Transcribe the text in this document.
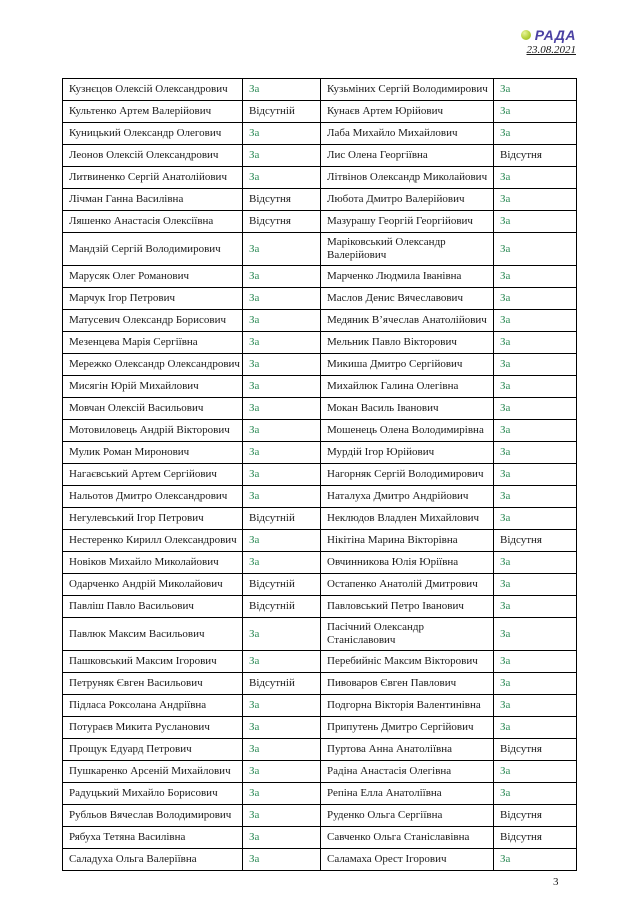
РАДА
23.08.2021
Кузнєцов Олексій Олександрович	За	Кузьміних Сергій Володимирович	За
Культенко Артем Валерійович	Відсутній	Кунаєв Артем Юрійович	За
Куницький Олександр Олегович	За	Лаба Михайло Михайлович	За
Леонов Олексій Олександрович	За	Лис Олена Георгіївна	Відсутня
Литвиненко Сергій Анатолійович	За	Літвінов Олександр Миколайович	За
Лічман Ганна Василівна	Відсутня	Любота Дмитро Валерійович	За
Ляшенко Анастасія Олексіївна	Відсутня	Мазурашу Георгій Георгійович	За
Мандзій Сергій Володимирович	За	Маріковський Олександр Валерійович	За
Марусяк Олег Романович	За	Марченко Людмила Іванівна	За
Марчук Ігор Петрович	За	Маслов Денис Вячеславович	За
Матусевич Олександр Борисович	За	Медяник В’ячеслав Анатолійович	За
Мезенцева Марія Сергіївна	За	Мельник Павло Вікторович	За
Мережко Олександр Олександрович	За	Микиша Дмитро Сергійович	За
Мисягін Юрій Михайлович	За	Михайлюк Галина Олегівна	За
Мовчан Олексій Васильович	За	Мокан Василь Іванович	За
Мотовиловець Андрій Вікторович	За	Мошенець Олена Володимирівна	За
Мулик Роман Миронович	За	Мурдій Ігор Юрійович	За
Нагаєвський Артем Сергійович	За	Нагорняк Сергій Володимирович	За
Нальотов Дмитро Олександрович	За	Наталуха Дмитро Андрійович	За
Негулевський Ігор Петрович	Відсутній	Неклюдов Владлен Михайлович	За
Нестеренко Кирилл Олександрович	За	Нікітіна Марина Вікторівна	Відсутня
Новіков Михайло Миколайович	За	Овчинникова Юлія Юріївна	За
Одарченко Андрій Миколайович	Відсутній	Остапенко Анатолій Дмитрович	За
Павліш Павло Васильович	Відсутній	Павловський Петро Іванович	За
Павлюк Максим Васильович	За	Пасічний Олександр Станіславович	За
Пашковський Максим Ігорович	За	Перебийніс Максим Вікторович	За
Петруняк Євген Васильович	Відсутній	Пивоваров Євген Павлович	За
Підласа Роксолана Андріївна	За	Подгорна Вікторія Валентинівна	За
Потураєв Микита Русланович	За	Припутень Дмитро Сергійович	За
Прощук Едуард Петрович	За	Пуртова Анна Анатоліївна	Відсутня
Пушкаренко Арсеній Михайлович	За	Радіна Анастасія Олегівна	За
Радуцький Михайло Борисович	За	Репіна Елла Анатоліївна	За
Рубльов Вячеслав Володимирович	За	Руденко Ольга Сергіївна	Відсутня
Рябуха Тетяна Василівна	За	Савченко Ольга Станіславівна	Відсутня
Саладуха Ольга Валеріївна	За	Саламаха Орест Ігорович	За
3
